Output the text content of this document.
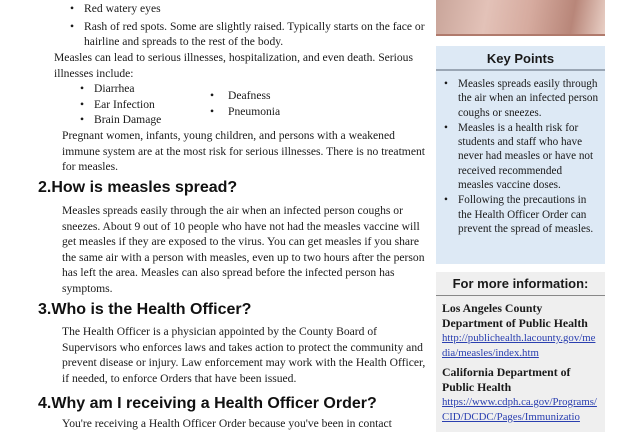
• Red watery eyes
• Rash of red spots. Some are slightly raised. Typically starts on the face or hairline and spreads to the rest of the body.

Measles can lead to serious illnesses, hospitalization, and even death. Serious illnesses include:

• Diarrhea
• Ear Infection
• Brain Damage
• Deafness
• Pneumonia

Pregnant women, infants, young children, and persons with a weakened immune system are at the most risk for serious illnesses. There is no treatment for measles.

2.How is measles spread?

Measles spreads easily through the air when an infected person coughs or sneezes. About 9 out of 10 people who have not had the measles vaccine will get measles if they are exposed to the virus. You can get measles if you share the same air with a person with measles, even up to two hours after the person has left the area. Measles can also spread before the infected person has symptoms.

3.Who is the Health Officer?

The Health Officer is a physician appointed by the County Board of Supervisors who enforces laws and takes action to protect the community and prevent disease or injury. Law enforcement may work with the Health Officer, if needed, to enforce Orders that have been issued.

4.Why am I receiving a Health Officer Order?

You're receiving a Health Officer Order because you've been in contact

Key Points
• Measles spreads easily through the air when an infected person coughs or sneezes.
• Measles is a health risk for students and staff who have never had measles or have not received recommended measles vaccine doses.
• Following the precautions in the Health Officer Order can prevent the spread of measles.
For more information:
Los Angeles County Department of Public Health
http://publichealth.lacounty.gov/media/measles/index.htm
California Department of Public Health
https://www.cdph.ca.gov/Programs/CID/DCDC/Pages/Immunizatio
